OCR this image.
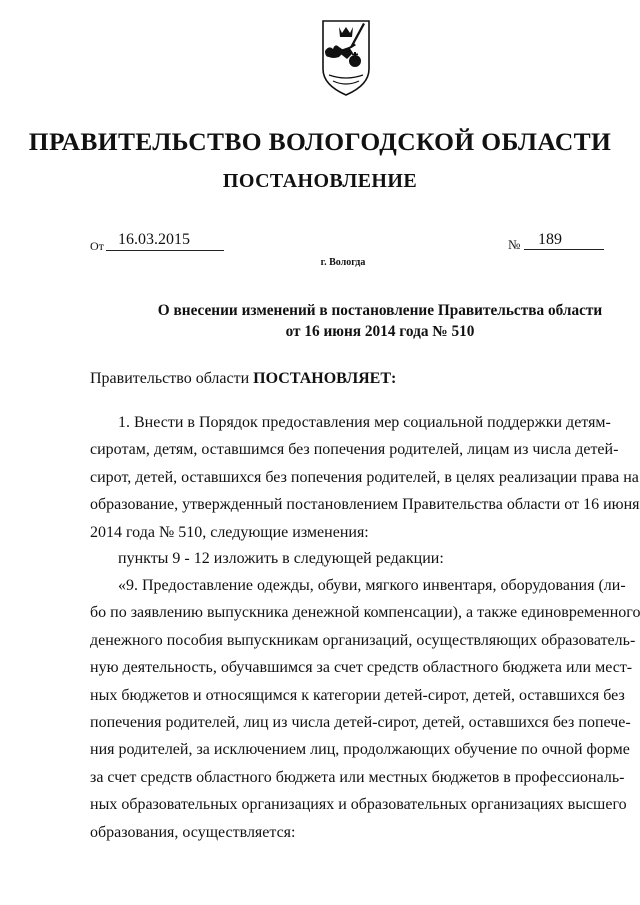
ПРАВИТЕЛЬСТВО ВОЛОГОДСКОЙ ОБЛАСТИ
ПОСТАНОВЛЕНИЕ
От 16.03.2015	№ 189
г. Вологда
О внесении изменений в постановление Правительства области
от 16 июня 2014 года № 510
Правительство области ПОСТАНОВЛЯЕТ:
1. Внести в Порядок предоставления мер социальной поддержки детям-
сиротам, детям, оставшимся без попечения родителей, лицам из числа детей-
сирот, детей, оставшихся без попечения родителей, в целях реализации права на
образование, утвержденный постановлением Правительства области от 16 июня
2014 года № 510, следующие изменения:
пункты 9 - 12 изложить в следующей редакции:
«9. Предоставление одежды, обуви, мягкого инвентаря, оборудования (ли-
бо по заявлению выпускника денежной компенсации), а также единовременного
денежного пособия выпускникам организаций, осуществляющих образователь-
ную деятельность, обучавшимся за счет средств областного бюджета или мест-
ных бюджетов и относящимся к категории детей-сирот, детей, оставшихся без
попечения родителей, лиц из числа детей-сирот, детей, оставшихся без попече-
ния родителей, за исключением лиц, продолжающих обучение по очной форме
за счет средств областного бюджета или местных бюджетов в профессиональ-
ных образовательных организациях и образовательных организациях высшего
образования, осуществляется:
